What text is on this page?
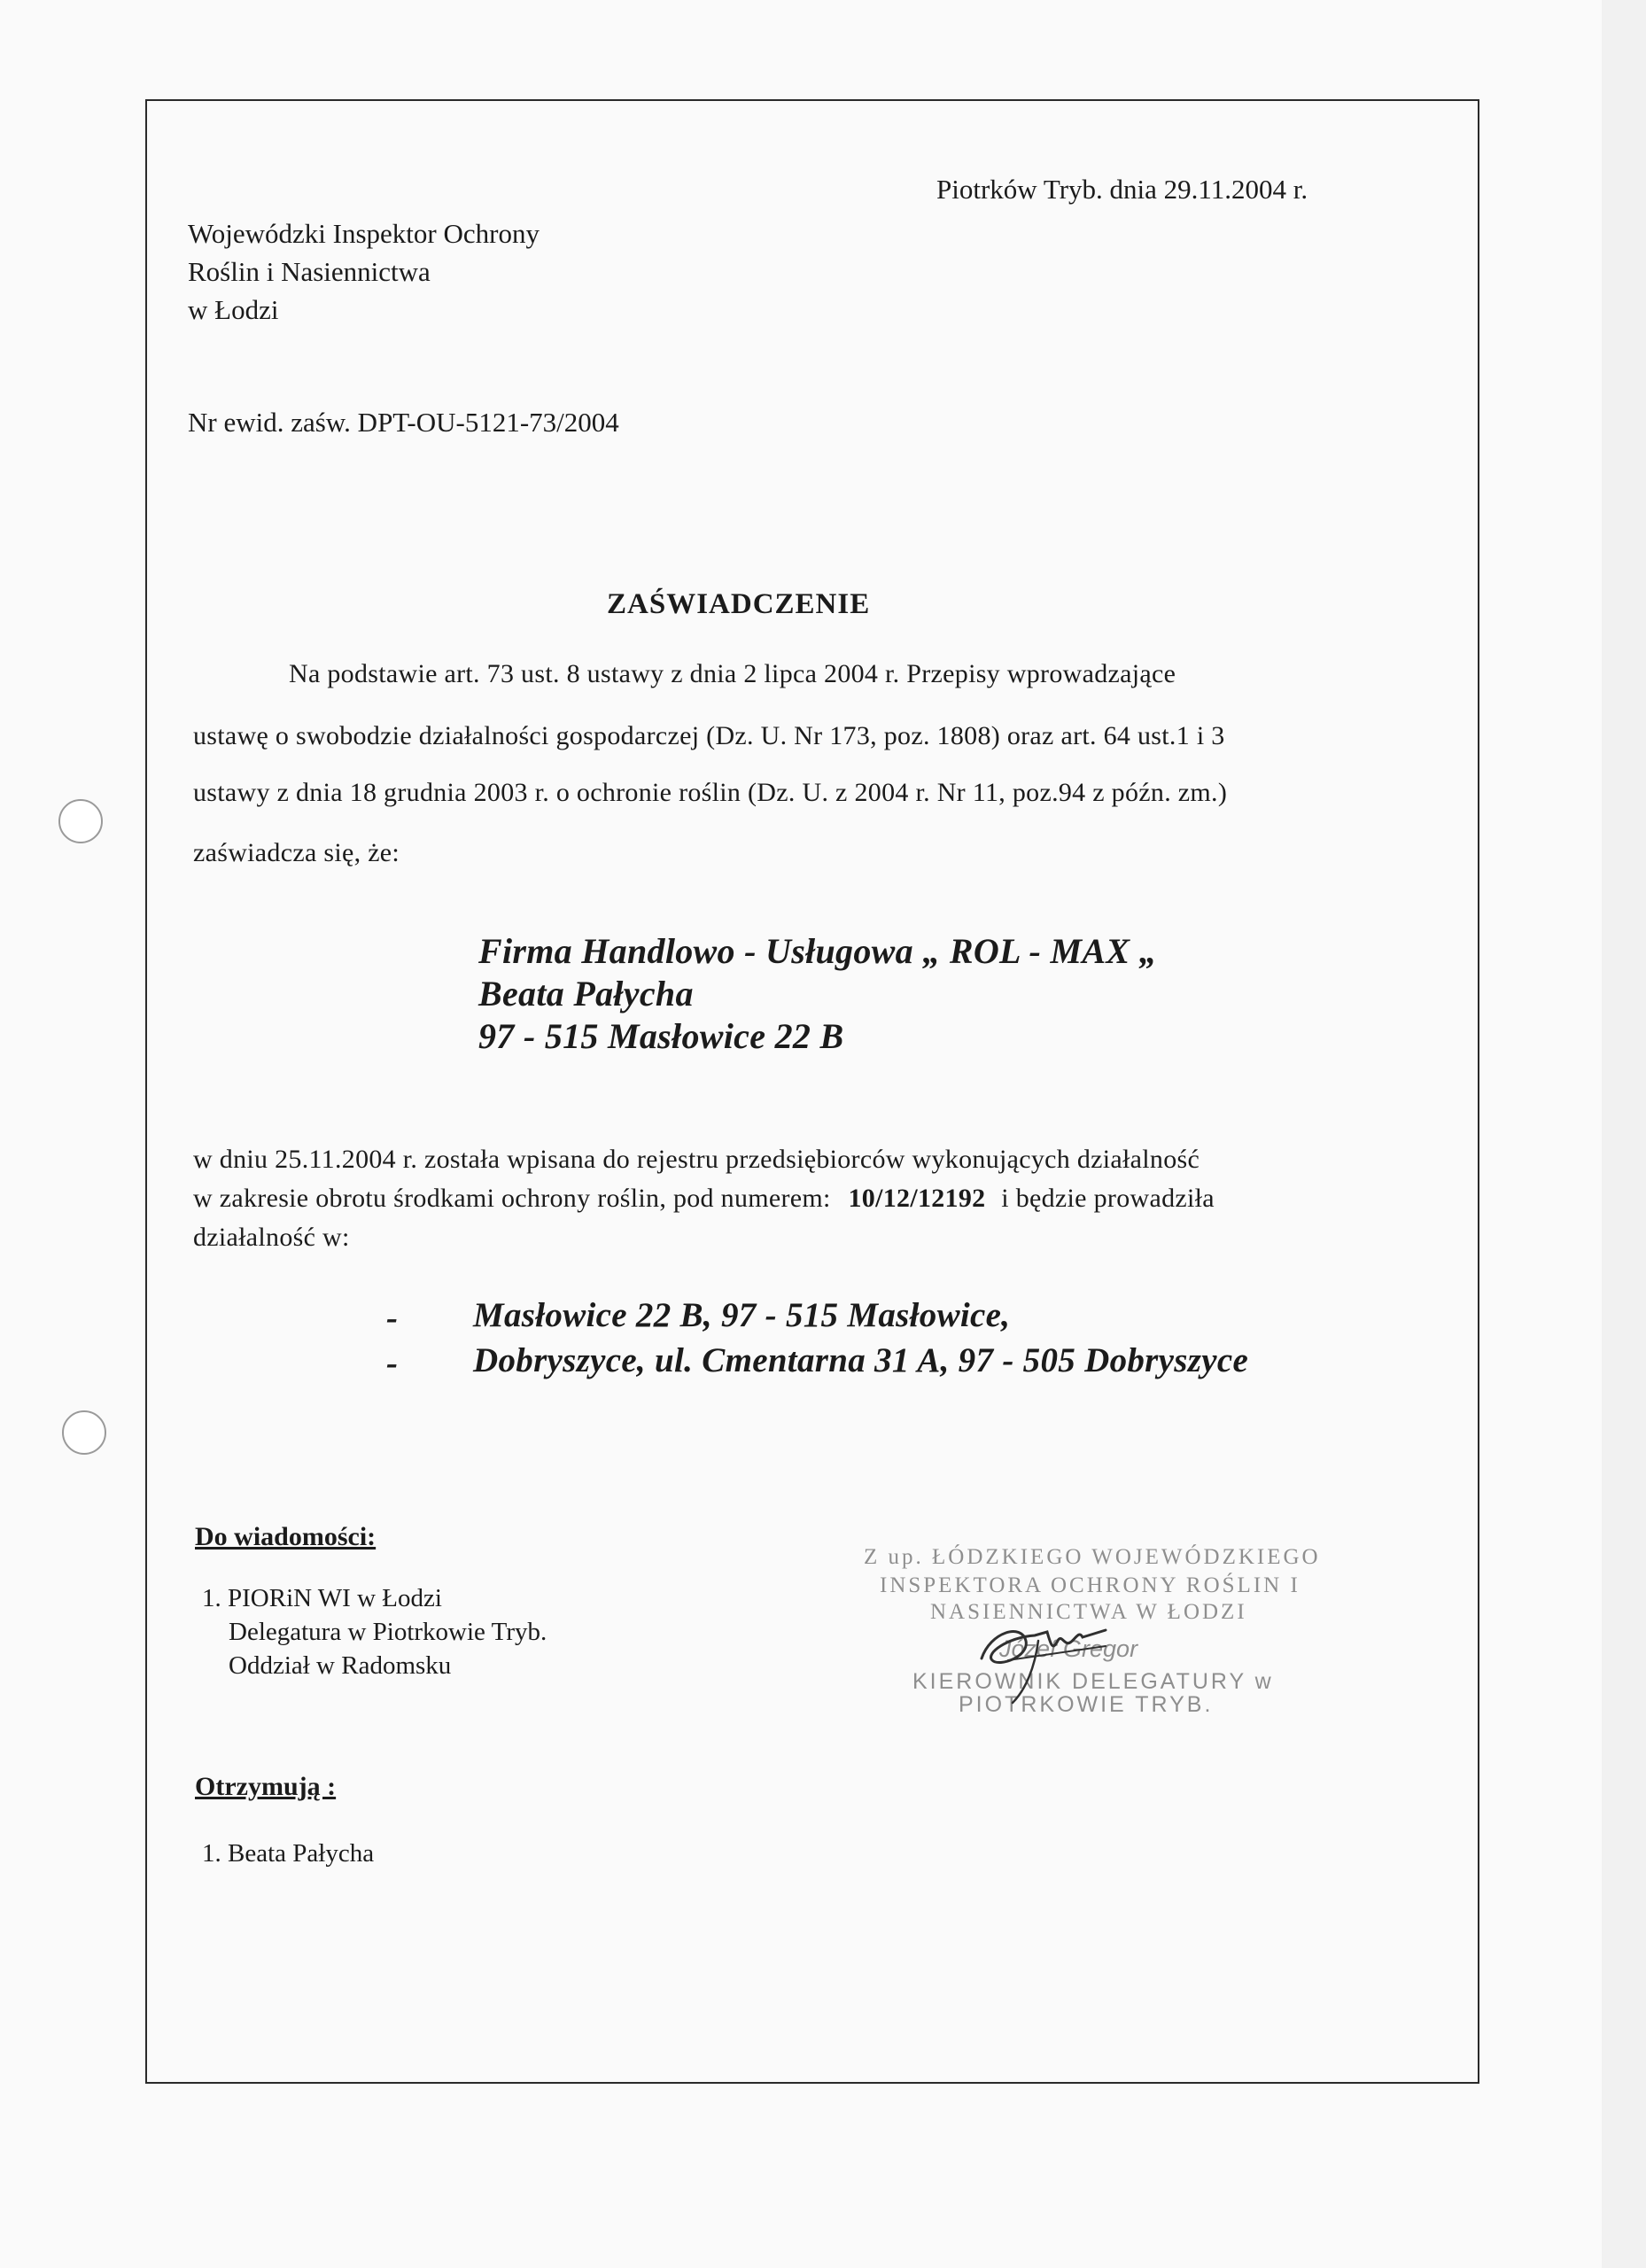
Piotrków Tryb. dnia 29.11.2004 r.
Wojewódzki Inspektor Ochrony
Roślin i Nasiennictwa
w Łodzi
Nr ewid. zaśw. DPT-OU-5121-73/2004
ZAŚWIADCZENIE
Na podstawie art. 73 ust. 8 ustawy z dnia 2 lipca 2004 r. Przepisy wprowadzające
ustawę o swobodzie działalności gospodarczej (Dz. U. Nr 173, poz. 1808) oraz art. 64 ust.1 i 3
ustawy z dnia 18 grudnia 2003 r. o ochronie roślin (Dz. U. z 2004 r. Nr 11, poz.94 z późn. zm.)
zaświadcza się, że:
Firma Handlowo - Usługowa „ ROL - MAX „
Beata Pałycha
97 - 515 Masłowice 22 B
w dniu 25.11.2004 r. została wpisana do rejestru przedsiębiorców wykonujących działalność
w zakresie obrotu środkami ochrony roślin, pod numerem: 10/12/12192 i będzie prowadziła
działalność w:
- Masłowice 22 B, 97 - 515 Masłowice,
- Dobryszyce, ul. Cmentarna 31 A, 97 - 505 Dobryszyce
Do wiadomości:
1. PIORiN WI w Łodzi
Delegatura w Piotrkowie Tryb.
Oddział w Radomsku
Z up. ŁÓDZKIEGO WOJEWÓDZKIEGO
INSPEKTORA OCHRONY ROŚLIN I
NASIENNICTWA W ŁODZI
Józef Gregor
KIEROWNIK DELEGATURY w
PIOTRKOWIE TRYB.
Otrzymują :
1. Beata Pałycha
